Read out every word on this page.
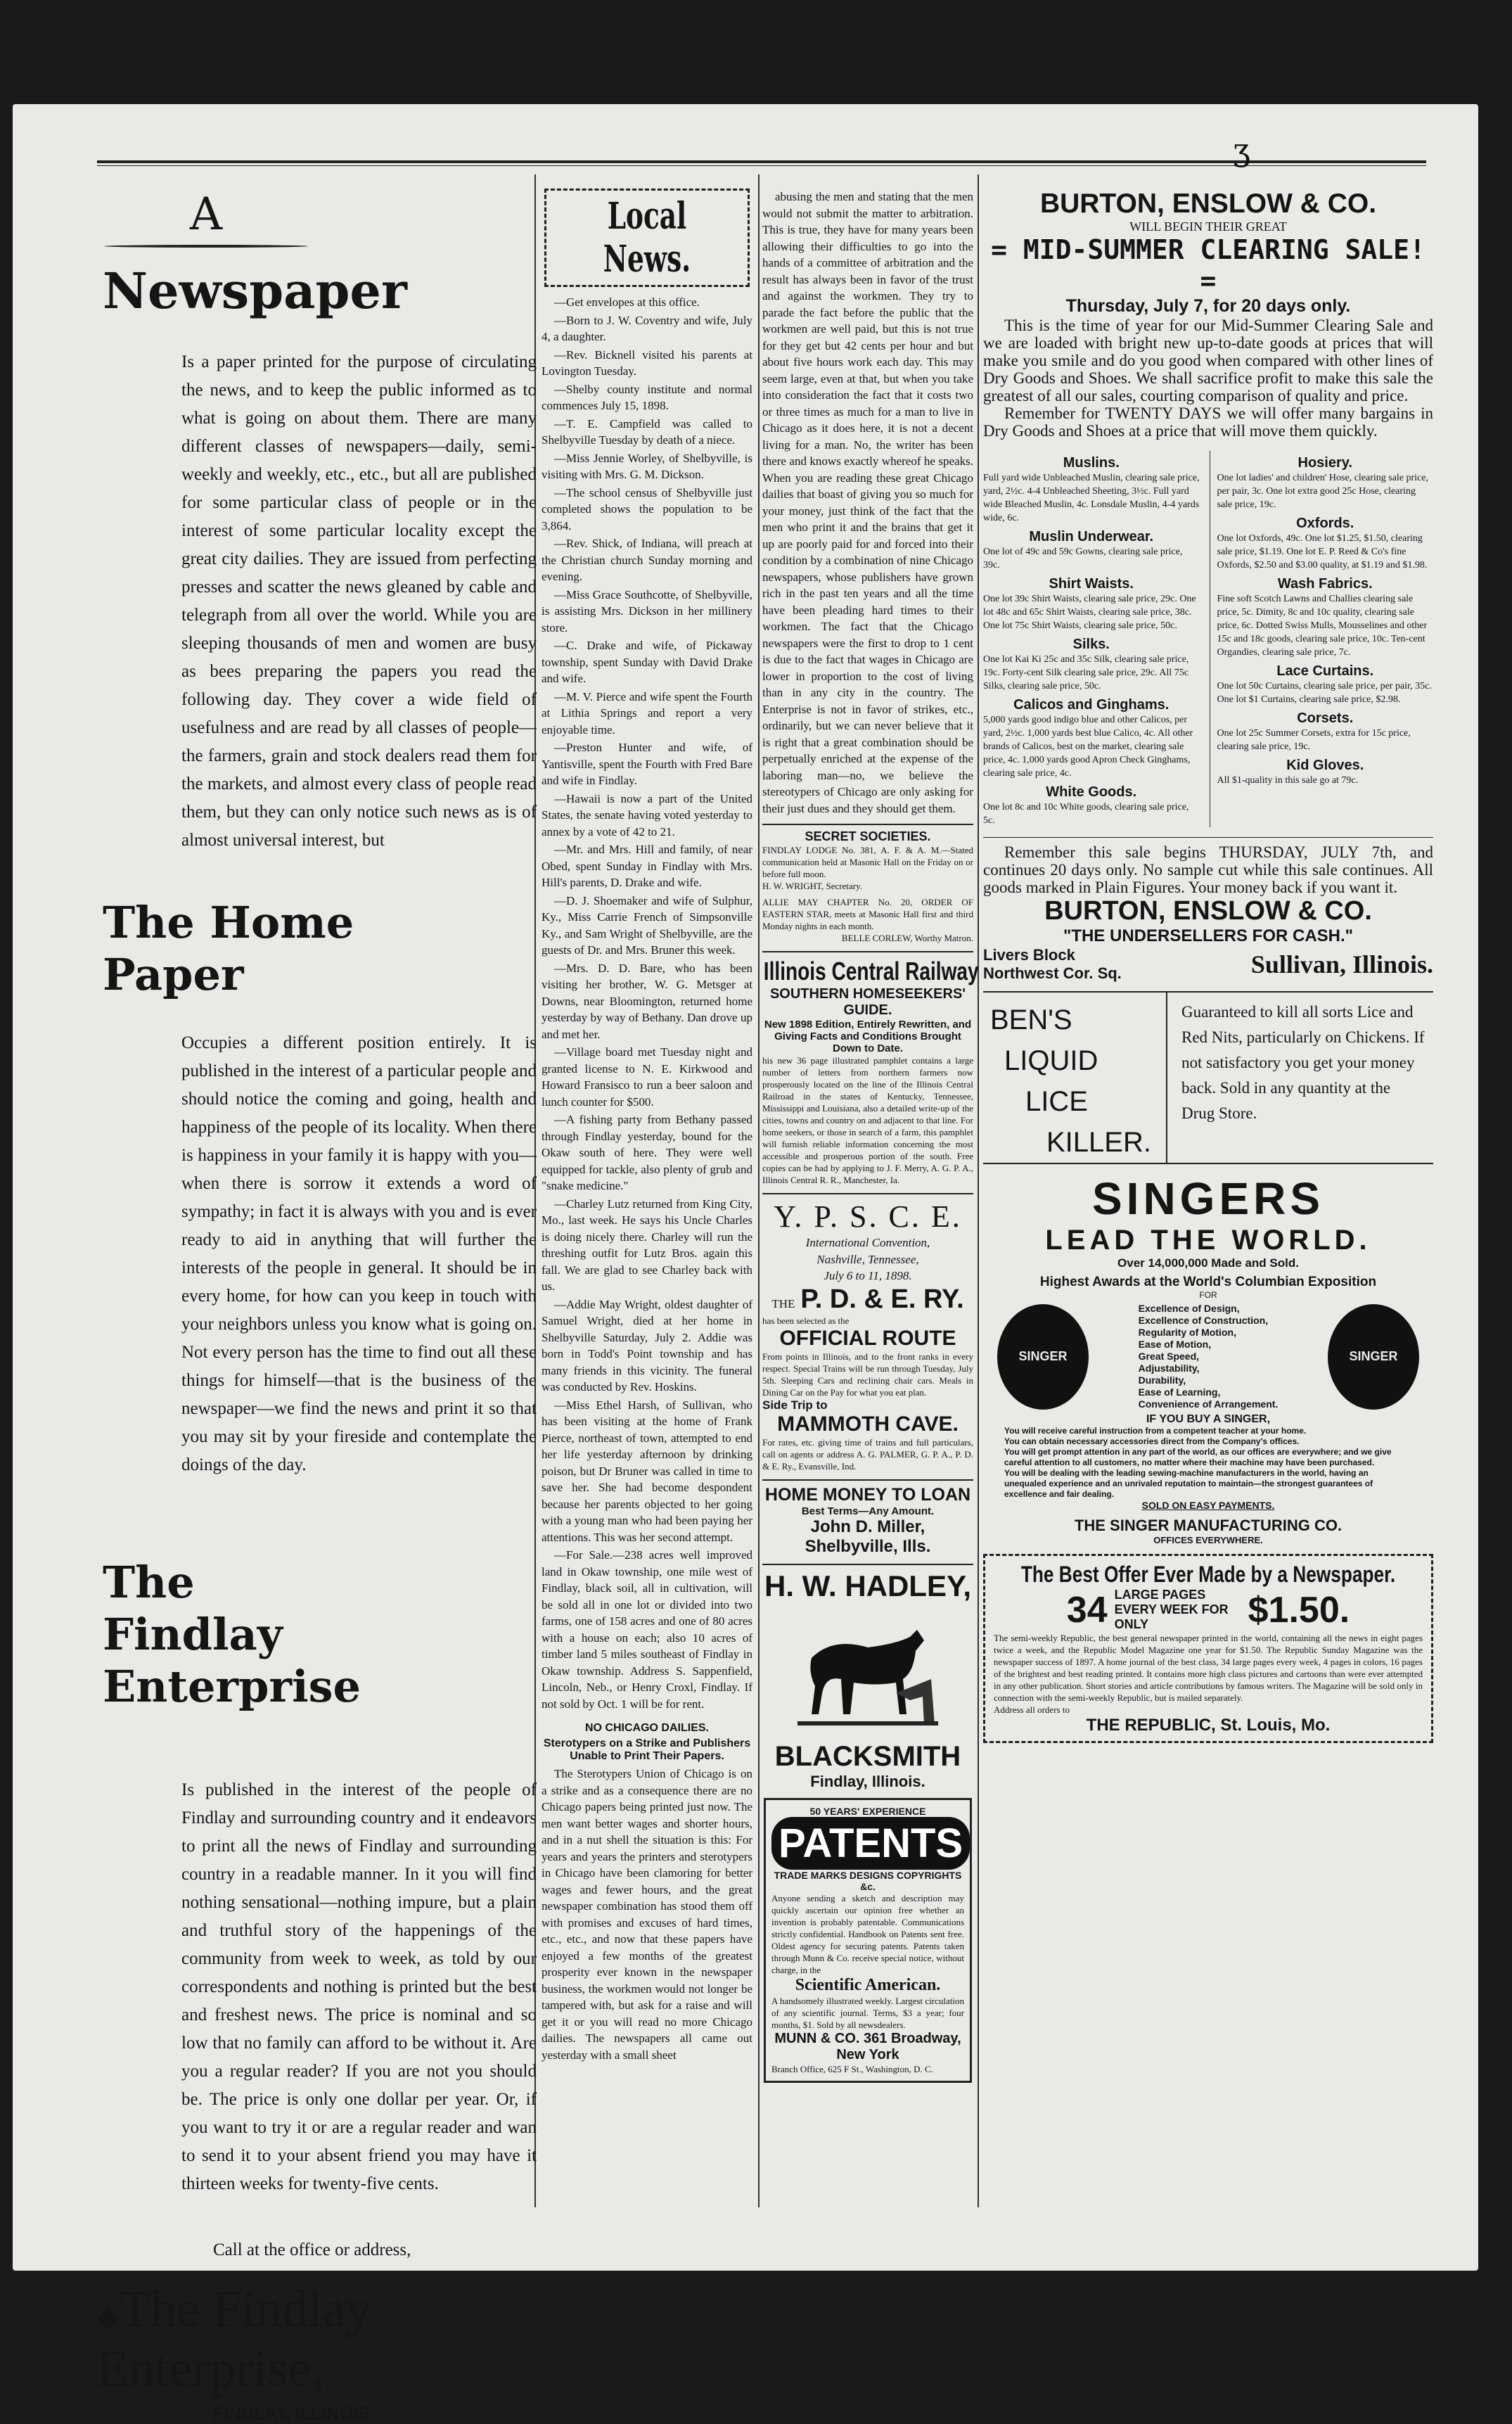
ʒ
A
Newspaper
Is a paper printed for the purpose of circulating the news, and to keep the public informed as to what is going on about them. There are many different classes of newspapers—daily, semi-weekly and weekly, etc., etc., but all are published for some particular class of people or in the interest of some particular locality except the great city dailies. They are issued from perfecting presses and scatter the news gleaned by cable and telegraph from all over the world. While you are sleeping thousands of men and women are busy as bees preparing the papers you read the following day. They cover a wide field of usefulness and are read by all classes of people—the farmers, grain and stock dealers read them for the markets, and almost every class of people read them, but they can only notice such news as is of almost universal interest, but
The Home
Paper
Occupies a different position entirely. It is published in the interest of a particular people and should notice the coming and going, health and happiness of the people of its locality. When there is happiness in your family it is happy with you—when there is sorrow it extends a word of sympathy; in fact it is always with you and is ever ready to aid in anything that will further the interests of the people in general. It should be in every home, for how can you keep in touch with your neighbors unless you know what is going on. Not every person has the time to find out all these things for himself—that is the business of the newspaper—we find the news and print it so that you may sit by your fireside and contemplate the doings of the day.
The
Findlay
Enterprise
Is published in the interest of the people of Findlay and surrounding country and it endeavors to print all the news of Findlay and surrounding country in a readable manner. In it you will find nothing sensational—nothing impure, but a plain and truthful story of the happenings of the community from week to week, as told by our correspondents and nothing is printed but the best and freshest news. The price is nominal and so low that no family can afford to be without it. Are you a regular reader? If you are not you should be. The price is only one dollar per year. Or, if you want to try it or are a regular reader and wan to send it to your absent friend you may have it thirteen weeks for twenty-five cents.
Call at the office or address,
◆The Findlay Enterprise,
FINDLAY, ILLINOIS.
Local News.

—Get envelopes at this office.

—Born to J. W. Coventry and wife, July 4, a daughter.

—Rev. Bicknell visited his parents at Lovington Tuesday.

—Shelby county institute and normal commences July 15, 1898.

—T. E. Campfield was called to Shelbyville Tuesday by death of a niece.

—Miss Jennie Worley, of Shelbyville, is visiting with Mrs. G. M. Dickson.

—The school census of Shelbyville just completed shows the population to be 3,864.

—Rev. Shick, of Indiana, will preach at the Christian church Sunday morning and evening.

—Miss Grace Southcotte, of Shelbyville, is assisting Mrs. Dickson in her millinery store.

—C. Drake and wife, of Pickaway township, spent Sunday with David Drake and wife.

—M. V. Pierce and wife spent the Fourth at Lithia Springs and report a very enjoyable time.

—Preston Hunter and wife, of Yantisville, spent the Fourth with Fred Bare and wife in Findlay.

—Hawaii is now a part of the United States, the senate having voted yesterday to annex by a vote of 42 to 21.

—Mr. and Mrs. Hill and family, of near Obed, spent Sunday in Findlay with Mrs. Hill's parents, D. Drake and wife.

—D. J. Shoemaker and wife of Sulphur, Ky., Miss Carrie French of Simpsonville Ky., and Sam Wright of Shelbyville, are the guests of Dr. and Mrs. Bruner this week.

—Mrs. D. D. Bare, who has been visiting her brother, W. G. Metsger at Downs, near Bloomington, returned home yesterday by way of Bethany. Dan drove up and met her.

—Village board met Tuesday night and granted license to N. E. Kirkwood and Howard Fransisco to run a beer saloon and lunch counter for $500.

—A fishing party from Bethany passed through Findlay yesterday, bound for the Okaw south of here. They were well equipped for tackle, also plenty of grub and "snake medicine."

—Charley Lutz returned from King City, Mo., last week. He says his Uncle Charles is doing nicely there. Charley will run the threshing outfit for Lutz Bros. again this fall. We are glad to see Charley back with us.

—Addie May Wright, oldest daughter of Samuel Wright, died at her home in Shelbyville Saturday, July 2. Addie was born in Todd's Point township and has many friends in this vicinity. The funeral was conducted by Rev. Hoskins.

—Miss Ethel Harsh, of Sullivan, who has been visiting at the home of Frank Pierce, northeast of town, attempted to end her life yesterday afternoon by drinking poison, but Dr Bruner was called in time to save her. She had become despondent because her parents objected to her going with a young man who had been paying her attentions. This was her second attempt.

—For Sale.—238 acres well improved land in Okaw township, one mile west of Findlay, black soil, all in cultivation, will be sold all in one lot or divided into two farms, one of 158 acres and one of 80 acres with a house on each; also 10 acres of timber land 5 miles southeast of Findlay in Okaw township. Address S. Sappenfield, Lincoln, Neb., or Henry Croxl, Findlay. If not sold by Oct. 1 will be for rent.

NO CHICAGO DAILIES.
Sterotypers on a Strike and Publishers Unable to Print Their Papers.

The Sterotypers Union of Chicago is on a strike and as a consequence there are no Chicago papers being printed just now. The men want better wages and shorter hours, and in a nut shell the situation is this: For years and years the printers and sterotypers in Chicago have been clamoring for better wages and fewer hours, and the great newspaper combination has stood them off with promises and excuses of hard times, etc., etc., and now that these papers have enjoyed a few months of the greatest prosperity ever known in the newspaper business, the workmen would not longer be tampered with, but ask for a raise and will get it or you will read no more Chicago dailies. The newspapers all came out yesterday with a small sheet

abusing the men and stating that the men would not submit the matter to arbitration. This is true, they have for many years been allowing their difficulties to go into the hands of a committee of arbitration and the result has always been in favor of the trust and against the workmen. They try to parade the fact before the public that the workmen are well paid, but this is not true for they get but 42 cents per hour and but about five hours work each day. This may seem large, even at that, but when you take into consideration the fact that it costs two or three times as much for a man to live in Chicago as it does here, it is not a decent living for a man. No, the writer has been there and knows exactly whereof he speaks. When you are reading these great Chicago dailies that boast of giving you so much for your money, just think of the fact that the men who print it and the brains that get it up are poorly paid for and forced into their condition by a combination of nine Chicago newspapers, whose publishers have grown rich in the past ten years and all the time have been pleading hard times to their workmen. The fact that the Chicago newspapers were the first to drop to 1 cent is due to the fact that wages in Chicago are lower in proportion to the cost of living than in any city in the country. The Enterprise is not in favor of strikes, etc., ordinarily, but we can never believe that it is right that a great combination should be perpetually enriched at the expense of the laboring man—no, we believe the stereotypers of Chicago are only asking for their just dues and they should get them.

SECRET SOCIETIES.
FINDLAY LODGE No. 381, A. F. & A. M.—Stated communication held at Masonic Hall on the Friday on or before full moon.
H. W. WRIGHT, Secretary.
ALLIE MAY CHAPTER No. 20, ORDER OF EASTERN STAR, meets at Masonic Hall first and third Monday nights in each month.
BELLE CORLEW, Worthy Matron.
Illinois Central Railway
SOUTHERN HOMESEEKERS' GUIDE.
New 1898 Edition, Entirely Rewritten, and Giving Facts and Conditions Brought Down to Date.
his new 36 page illustrated pamphlet contains a large number of letters from northern farmers now prosperously located on the line of the Illinois Central Railroad in the states of Kentucky, Tennessee, Mississippi and Louisiana, also a detailed write-up of the cities, towns and country on and adjacent to that line. For home seekers, or those in search of a farm, this pamphlet will furnish reliable information concerning the most accessible and prosperous portion of the south. Free copies can be had by applying to J. F. Merry, A. G. P. A., Illinois Central R. R., Manchester, Ia.
Y. P. S. C. E.
International Convention,
Nashville, Tennessee,
July 6 to 11, 1898.
THE P. D. & E. RY.
has been selected as the
OFFICIAL ROUTE
From points in Illinois, and to the front ranks in every respect. Special Trains will be run through Tuesday, July 5th. Sleeping Cars and reclining chair cars. Meals in Dining Car on the Pay for what you eat plan.
Side Trip to
MAMMOTH CAVE.
For rates, etc. giving time of trains and full particulars, call on agents or address A. G. PALMER, G. P. A., P. D. & E. Ry., Evansville, Ind.
HOME MONEY TO LOAN
Best Terms—Any Amount.
John D. Miller, Shelbyville, Ills.
H. W. HADLEY,
BLACKSMITH
Findlay, Illinois.
50 YEARS' EXPERIENCE
PATENTS
TRADE MARKS DESIGNS COPYRIGHTS &c.
Anyone sending a sketch and description may quickly ascertain our opinion free whether an invention is probably patentable. Communications strictly confidential. Handbook on Patents sent free. Oldest agency for securing patents. Patents taken through Munn & Co. receive special notice, without charge, in the
Scientific American.
A handsomely illustrated weekly. Largest circulation of any scientific journal. Terms, $3 a year; four months, $1. Sold by all newsdealers.
MUNN & CO. 361 Broadway, New York
Branch Office, 625 F St., Washington, D. C.
BURTON, ENSLOW & CO.
WILL BEGIN THEIR GREAT
= MID-SUMMER CLEARING SALE! =
Thursday, July 7, for 20 days only.
This is the time of year for our Mid-Summer Clearing Sale and we are loaded with bright new up-to-date goods at prices that will make you smile and do you good when compared with other lines of Dry Goods and Shoes. We shall sacrifice profit to make this sale the greatest of all our sales, courting comparison of quality and price.
Remember for TWENTY DAYS we will offer many bargains in Dry Goods and Shoes at a price that will move them quickly.
Muslins.
Full yard wide Unbleached Muslin, clearing sale price, yard, 2½c. 4-4 Unbleached Sheeting, 3½c. Full yard wide Bleached Muslin, 4c. Lonsdale Muslin, 4-4 yards wide, 6c.
Muslin Underwear.
One lot of 49c and 59c Gowns, clearing sale price, 39c.
Shirt Waists.
One lot 39c Shirt Waists, clearing sale price, 29c. One lot 48c and 65c Shirt Waists, clearing sale price, 38c. One lot 75c Shirt Waists, clearing sale price, 50c.
Silks.
One lot Kai Ki 25c and 35c Silk, clearing sale price, 19c. Forty-cent Silk clearing sale price, 29c. All 75c Silks, clearing sale price, 50c.
Calicos and Ginghams.
5,000 yards good indigo blue and other Calicos, per yard, 2½c. 1,000 yards best blue Calico, 4c. All other brands of Calicos, best on the market, clearing sale price, 4c. 1,000 yards good Apron Check Ginghams, clearing sale price, 4c.
White Goods.
One lot 8c and 10c White goods, clearing sale price, 5c.
Hosiery.
One lot ladies' and children' Hose, clearing sale price, per pair, 3c. One lot extra good 25c Hose, clearing sale price, 19c.
Oxfords.
One lot Oxfords, 49c. One lot $1.25, $1.50, clearing sale price, $1.19. One lot E. P. Reed & Co's fine Oxfords, $2.50 and $3.00 quality, at $1.19 and $1.98.
Wash Fabrics.
Fine soft Scotch Lawns and Challies clearing sale price, 5c. Dimity, 8c and 10c quality, clearing sale price, 6c. Dotted Swiss Mulls, Mousselines and other 15c and 18c goods, clearing sale price, 10c. Ten-cent Organdies, clearing sale price, 7c.
Lace Curtains.
One lot 50c Curtains, clearing sale price, per pair, 35c. One lot $1 Curtains, clearing sale price, $2.98.
Corsets.
One lot 25c Summer Corsets, extra for 15c price, clearing sale price, 19c.
Kid Gloves.
All $1-quality in this sale go at 79c.
Remember this sale begins THURSDAY, JULY 7th, and continues 20 days only. No sample cut while this sale continues. All goods marked in Plain Figures. Your money back if you want it.
BURTON, ENSLOW & CO.
"THE UNDERSELLERS FOR CASH."
Livers Block
Northwest Cor. Sq.	Sullivan, Illinois.
BEN'S
LIQUID
LICE
KILLER.
Guaranteed to kill all sorts Lice and Red Nits, particularly on Chickens. If not satisfactory you get your money back. Sold in any quantity at the Drug Store.
SINGERS
LEAD THE WORLD.
Over 14,000,000 Made and Sold.
Highest Awards at the World's Columbian Exposition
FOR
SINGER
Excellence of Design,
Excellence of Construction,
Regularity of Motion,
Ease of Motion,
Great Speed,
Adjustability,
Durability,
Ease of Learning,
Convenience of Arrangement.
SINGER
IF YOU BUY A SINGER,
You will receive careful instruction from a competent teacher at your home.
You can obtain necessary accessories direct from the Company's offices.
You will get prompt attention in any part of the world, as our offices are everywhere; and we give careful attention to all customers, no matter where their machine may have been purchased.
You will be dealing with the leading sewing-machine manufacturers in the world, having an unequaled experience and an unrivaled reputation to maintain—the strongest guarantees of excellence and fair dealing.
SOLD ON EASY PAYMENTS.
THE SINGER MANUFACTURING CO.
OFFICES EVERYWHERE.
The Best Offer Ever Made by a Newspaper.
34 LARGE PAGES EVERY WEEK FOR ONLY	$1.50.
The semi-weekly Republic, the best general newspaper printed in the world, containing all the news in eight pages twice a week, and the Republic Model Magazine one year for $1.50. The Republic Sunday Magazine was the newspaper success of 1897. A home journal of the best class, 34 large pages every week, 4 pages in colors, 16 pages of the brightest and best reading printed. It contains more high class pictures and cartoons than were ever attempted in any other publication. Short stories and article contributions by famous writers. The Magazine will be sold only in connection with the semi-weekly Republic, but is mailed separately.
Address all orders to
THE REPUBLIC, St. Louis, Mo.
